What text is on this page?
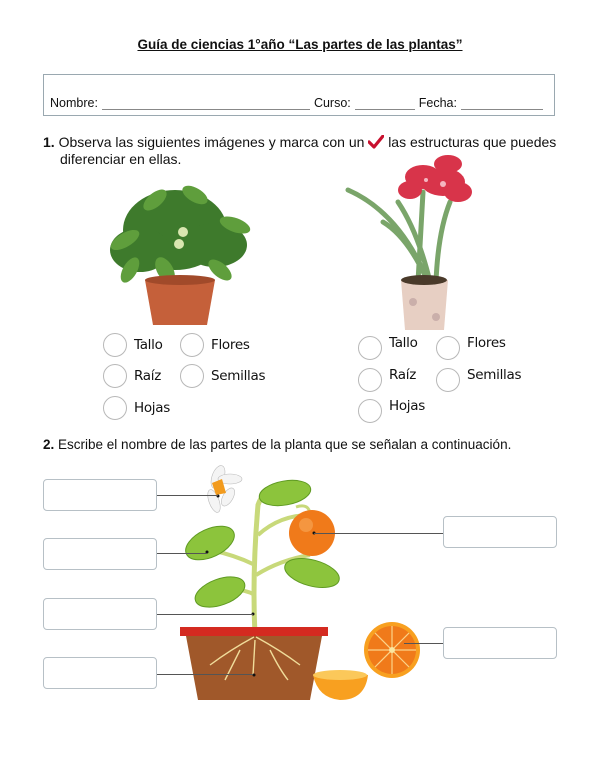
Guía de ciencias 1°año “Las partes de las plantas”
Nombre:	Curso:	Fecha:
1. Observa las siguientes imágenes y marca con un las estructuras que puedes
diferenciar en ellas.
Tallo	Flores
Raíz	Semillas
Hojas
Tallo	Flores
Raíz	Semillas
Hojas
2. Escribe el nombre de las partes de la planta que se señalan a continuación.
